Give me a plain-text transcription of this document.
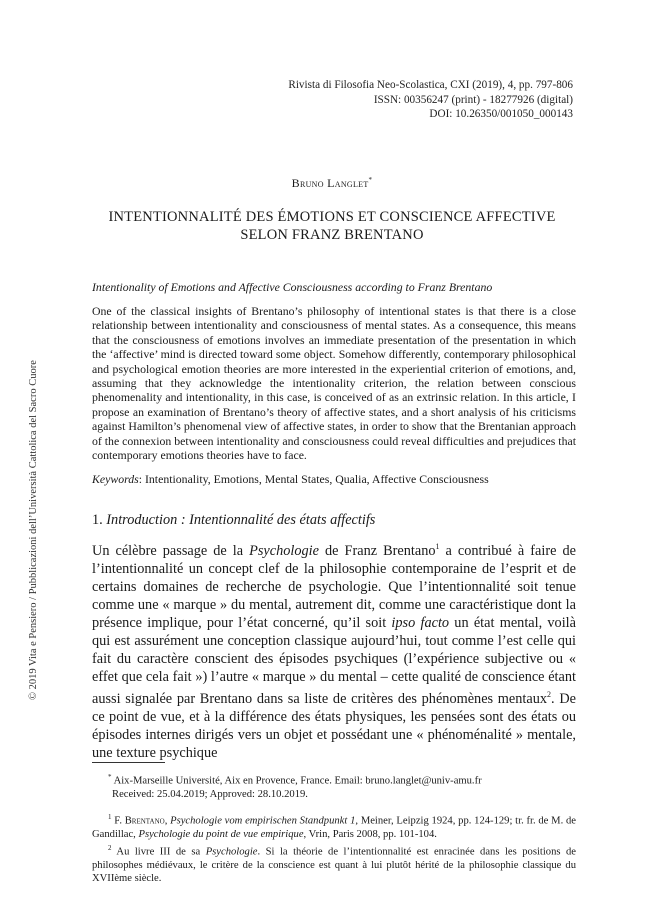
© 2019 Vita e Pensiero / Pubblicazioni dell’Università Cattolica del Sacro Cuore
Rivista di Filosofia Neo-Scolastica, CXI (2019), 4, pp. 797-806
ISSN: 00356247 (print) - 18277926 (digital)
DOI: 10.26350/001050_000143
Bruno Langlet*
INTENTIONNALITÉ DES ÉMOTIONS ET CONSCIENCE AFFECTIVE
SELON FRANZ BRENTANO
Intentionality of Emotions and Affective Consciousness according to Franz Brentano
One of the classical insights of Brentano’s philosophy of intentional states is that there is a close relationship between intentionality and consciousness of mental states. As a consequence, this means that the consciousness of emotions involves an immediate presentation of the presentation in which the ‘affective’ mind is directed toward some object. Somehow differently, contemporary philosophical and psychological emotion theories are more interested in the experiential criterion of emotions, and, assuming that they acknowledge the intentionality criterion, the relation between conscious phenomenality and intentionality, in this case, is conceived of as an extrinsic relation. In this article, I propose an examination of Brentano’s theory of affective states, and a short analysis of his criticisms against Hamilton’s phenomenal view of affective states, in order to show that the Brentanian approach of the connexion between intentionality and consciousness could reveal difficulties and prejudices that contemporary emotions theories have to face.
Keywords: Intentionality, Emotions, Mental States, Qualia, Affective Consciousness
1. Introduction : Intentionnalité des états affectifs
Un célèbre passage de la Psychologie de Franz Brentano$^1$ a contribué à faire de l’intentionnalité un concept clef de la philosophie contemporaine de l’esprit et de certains domaines de recherche de psychologie. Que l’intentionnalité soit tenue comme une « marque » du mental, autrement dit, comme une caractéristique dont la présence implique, pour l’état concerné, qu’il soit ipso facto un état mental, voilà qui est assurément une conception classique aujourd’hui, tout comme l’est celle qui fait du caractère conscient des épisodes psychiques (l’expérience subjective ou « effet que cela fait ») l’autre « marque » du mental – cette qualité de conscience étant aussi signalée par Brentano dans sa liste de critères des phénomènes mentaux$^2$. De ce point de vue, et à la différence des états physiques, les pensées sont des états ou épisodes internes dirigés vers un objet et possédant une « phénoménalité » mentale, une texture psychique
* Aix-Marseille Université, Aix en Provence, France. Email: bruno.langlet@univ-amu.fr
Received: 25.04.2019; Approved: 28.10.2019.
$^1$ F. Brentano, Psychologie vom empirischen Standpunkt 1, Meiner, Leipzig 1924, pp. 124-129; tr. fr. de M. de Gandillac, Psychologie du point de vue empirique, Vrin, Paris 2008, pp. 101-104.
$^2$ Au livre III de sa Psychologie. Si la théorie de l’intentionnalité est enracinée dans les positions de philosophes médiévaux, le critère de la conscience est quant à lui plutôt hérité de la philosophie classique du XVIIème siècle.
